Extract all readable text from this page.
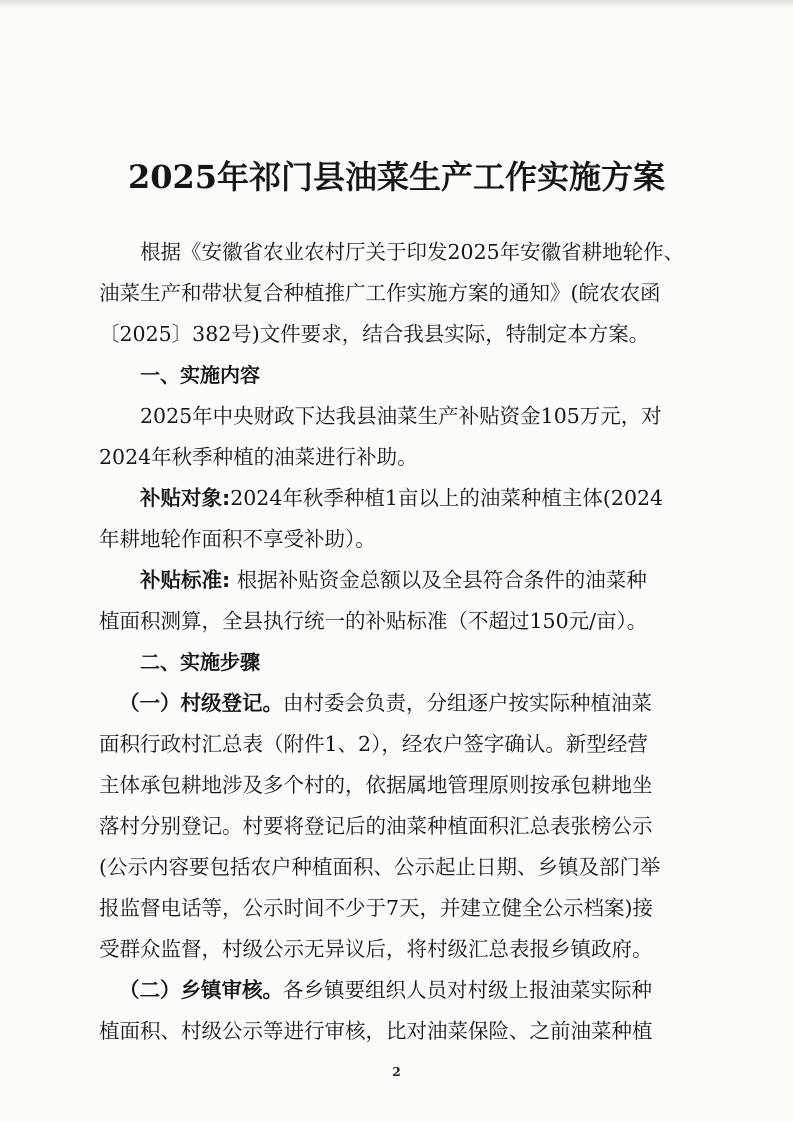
2025年祁门县油菜生产工作实施方案
根据《安徽省农业农村厅关于印发2025年安徽省耕地轮作、
油菜生产和带状复合种植推广工作实施方案的通知》(皖农农函
〔2025〕382号)文件要求，结合我县实际，特制定本方案。
一、实施内容
2025年中央财政下达我县油菜生产补贴资金105万元，对
2024年秋季种植的油菜进行补助。
补贴对象:2024年秋季种植1亩以上的油菜种植主体(2024
年耕地轮作面积不享受补助）。
补贴标准: 根据补贴资金总额以及全县符合条件的油菜种
植面积测算，全县执行统一的补贴标准（不超过150元/亩）。
二、实施步骤
（一）村级登记。由村委会负责，分组逐户按实际种植油菜
面积行政村汇总表（附件1、2），经农户签字确认。新型经营
主体承包耕地涉及多个村的，依据属地管理原则按承包耕地坐
落村分别登记。村要将登记后的油菜种植面积汇总表张榜公示
(公示内容要包括农户种植面积、公示起止日期、乡镇及部门举
报监督电话等，公示时间不少于7天，并建立健全公示档案)接
受群众监督，村级公示无异议后，将村级汇总表报乡镇政府。
（二）乡镇审核。各乡镇要组织人员对村级上报油菜实际种
植面积、村级公示等进行审核，比对油菜保险、之前油菜种植
2
